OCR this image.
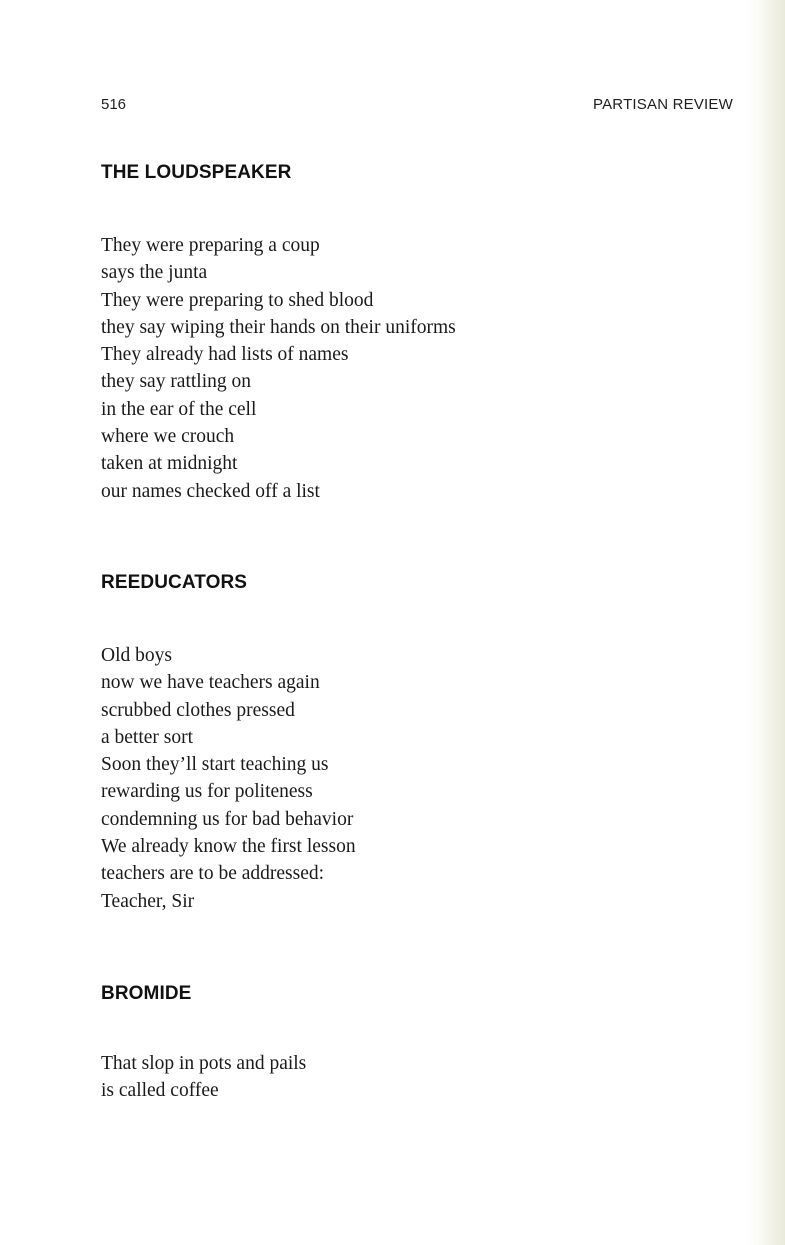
516	PARTISAN REVIEW
THE LOUDSPEAKER
They were preparing a coup
says the junta
They were preparing to shed blood
they say wiping their hands on their uniforms
They already had lists of names
they say rattling on
in the ear of the cell
where we crouch
taken at midnight
our names checked off a list
REEDUCATORS
Old boys
now we have teachers again
scrubbed clothes pressed
a better sort
Soon they’ll start teaching us
rewarding us for politeness
condemning us for bad behavior
We already know the first lesson
teachers are to be addressed:
Teacher, Sir
BROMIDE
That slop in pots and pails
is called coffee
